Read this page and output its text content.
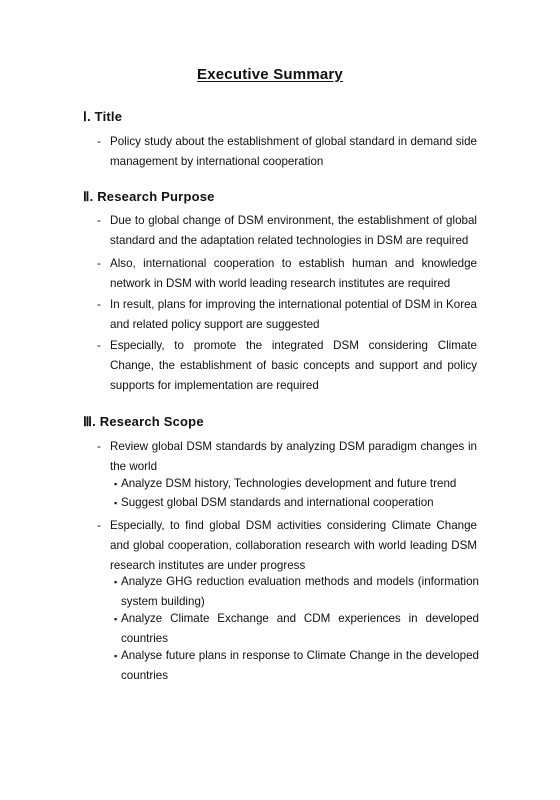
Executive Summary
Ⅰ. Title
- Policy study about the establishment of global standard in demand side management by international cooperation
Ⅱ. Research Purpose
- Due to global change of DSM environment, the establishment of global standard and the adaptation related technologies in DSM are required
- Also, international cooperation to establish human and knowledge network in DSM with world leading research institutes are required
- In result, plans for improving the international potential of DSM in Korea and related policy support are suggested
- Especially, to promote the integrated DSM considering Climate Change, the establishment of basic concepts and support and policy supports for implementation are required
Ⅲ. Research Scope
- Review global DSM standards by analyzing DSM paradigm changes in the world
▪ Analyze DSM history, Technologies development and future trend
▪ Suggest global DSM standards and international cooperation
- Especially, to find global DSM activities considering Climate Change and global cooperation, collaboration research with world leading DSM research institutes are under progress
▪ Analyze GHG reduction evaluation methods and models (information system building)
▪ Analyze Climate Exchange and CDM experiences in developed countries
▪ Analyse future plans in response to Climate Change in the developed countries
